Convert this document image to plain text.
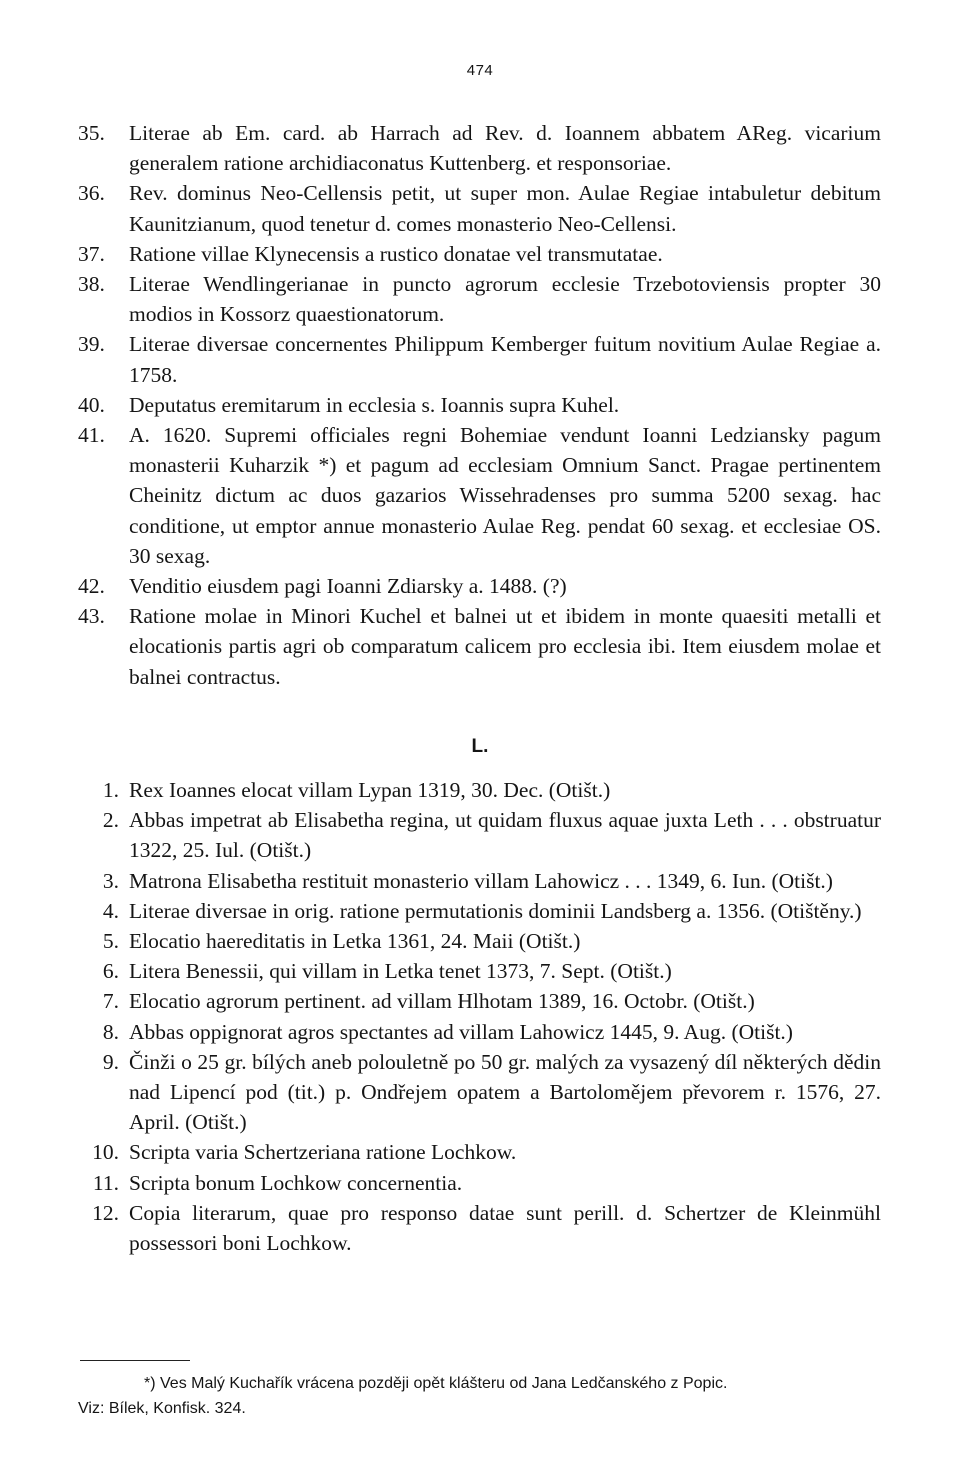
474
35.	Literae ab Em. card. ab Harrach ad Rev. d. Ioannem abbatem AReg. vicarium generalem ratione archidiaconatus Kuttenberg. et responsoriae.
36.	Rev. dominus Neo-Cellensis petit, ut super mon. Aulae Regiae intabuletur debitum Kaunitzianum, quod tenetur d. comes monasterio Neo-Cellensi.
37.	Ratione villae Klynecensis a rustico donatae vel transmutatae.
38.	Literae Wendlingerianae in puncto agrorum ecclesie Trzebotoviensis propter 30 modios in Kossorz quaestionatorum.
39.	Literae diversae concernentes Philippum Kemberger fuitum novitium Aulae Regiae a. 1758.
40.	Deputatus eremitarum in ecclesia s. Ioannis supra Kuhel.
41.	A. 1620. Supremi officiales regni Bohemiae vendunt Ioanni Ledziansky pagum monasterii Kuharzik *) et pagum ad ecclesiam Omnium Sanct. Pragae pertinentem Cheinitz dictum ac duos gazarios Wissehradenses pro summa 5200 sexag. hac conditione, ut emptor annue monasterio Aulae Reg. pendat 60 sexag. et ecclesiae OS. 30 sexag.
42.	Venditio eiusdem pagi Ioanni Zdiarsky a. 1488. (?)
43.	Ratione molae in Minori Kuchel et balnei ut et ibidem in monte quaesiti metalli et elocationis partis agri ob comparatum calicem pro ecclesia ibi. Item eiusdem molae et balnei contractus.
L.
1. Rex Ioannes elocat villam Lypan 1319, 30. Dec. (Otišt.)
2. Abbas impetrat ab Elisabetha regina, ut quidam fluxus aquae juxta Leth . . . obstruatur 1322, 25. Iul. (Otišt.)
3. Matrona Elisabetha restituit monasterio villam Lahowicz . . . 1349, 6. Iun. (Otišt.)
4. Literae diversae in orig. ratione permutationis dominii Landsberg a. 1356. (Otištěny.)
5. Elocatio haereditatis in Letka 1361, 24. Maii (Otišt.)
6. Litera Benessii, qui villam in Letka tenet 1373, 7. Sept. (Otišt.)
7. Elocatio agrorum pertinent. ad villam Hlhotam 1389, 16. Octobr. (Otišt.)
8. Abbas oppignorat agros spectantes ad villam Lahowicz 1445, 9. Aug. (Otišt.)
9. Činži o 25 gr. bílých aneb polouletně po 50 gr. malých za vysazený díl některých dědin nad Lipencí pod (tit.) p. Ondřejem opatem a Bartolomějem převorem r. 1576, 27. April. (Otišt.)
10. Scripta varia Schertzeriana ratione Lochkow.
11. Scripta bonum Lochkow concernentia.
12. Copia literarum, quae pro responso datae sunt perill. d. Schertzer de Kleinmühl possessori boni Lochkow.
*) Ves Malý Kuchařík vrácena později opět klášteru od Jana Ledčanského z Popic.
Viz: Bílek, Konfisk. 324.
